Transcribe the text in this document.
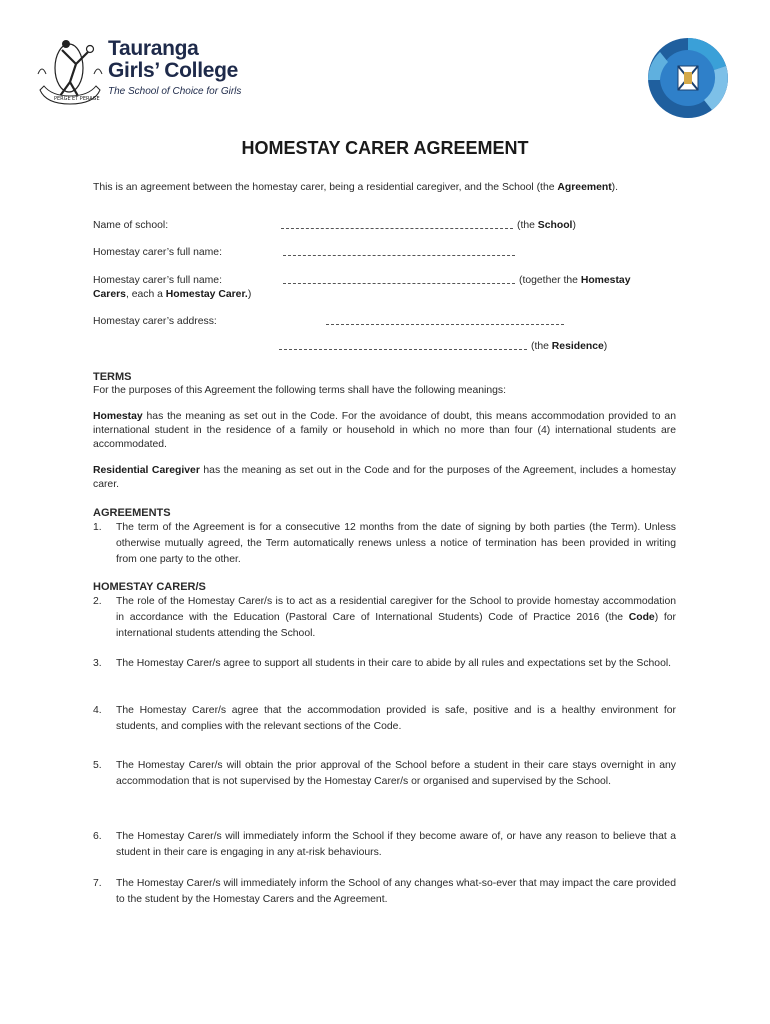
PERGE ET PERAGE
Tauranga
Girls’ College
The School of Choice for Girls
HOMESTAY CARER AGREEMENT

This is an agreement between the homestay carer, being a residential caregiver, and the School (the Agreement).

Name of school:	(the School)
Homestay carer’s full name:
Homestay carer’s full name:	(together the Homestay
Carers, each a Homestay Carer.)
Homestay carer’s address:
(the Residence)

TERMS

For the purposes of this Agreement the following terms shall have the following meanings:

Homestay has the meaning as set out in the Code. For the avoidance of doubt, this means accommodation provided to an international student in the residence of a family or household in which no more than four (4) international students are accommodated.

Residential Caregiver has the meaning as set out in the Code and for the purposes of the Agreement, includes a homestay carer.

AGREEMENTS

1. The term of the Agreement is for a consecutive 12 months from the date of signing by both parties (the Term). Unless otherwise mutually agreed, the Term automatically renews unless a notice of termination has been provided in writing from one party to the other.

HOMESTAY CARER/S

2. The role of the Homestay Carer/s is to act as a residential caregiver for the School to provide homestay accommodation in accordance with the Education (Pastoral Care of International Students) Code of Practice 2016 (the Code) for international students attending the School.
3. The Homestay Carer/s agree to support all students in their care to abide by all rules and expectations set by the School.
4. The Homestay Carer/s agree that the accommodation provided is safe, positive and is a healthy environment for students, and complies with the relevant sections of the Code.
5. The Homestay Carer/s will obtain the prior approval of the School before a student in their care stays overnight in any accommodation that is not supervised by the Homestay Carer/s or organised and supervised by the School.
6. The Homestay Carer/s will immediately inform the School if they become aware of, or have any reason to believe that a student in their care is engaging in any at-risk behaviours.
7. The Homestay Carer/s will immediately inform the School of any changes what-so-ever that may impact the care provided to the student by the Homestay Carers and the Agreement.
